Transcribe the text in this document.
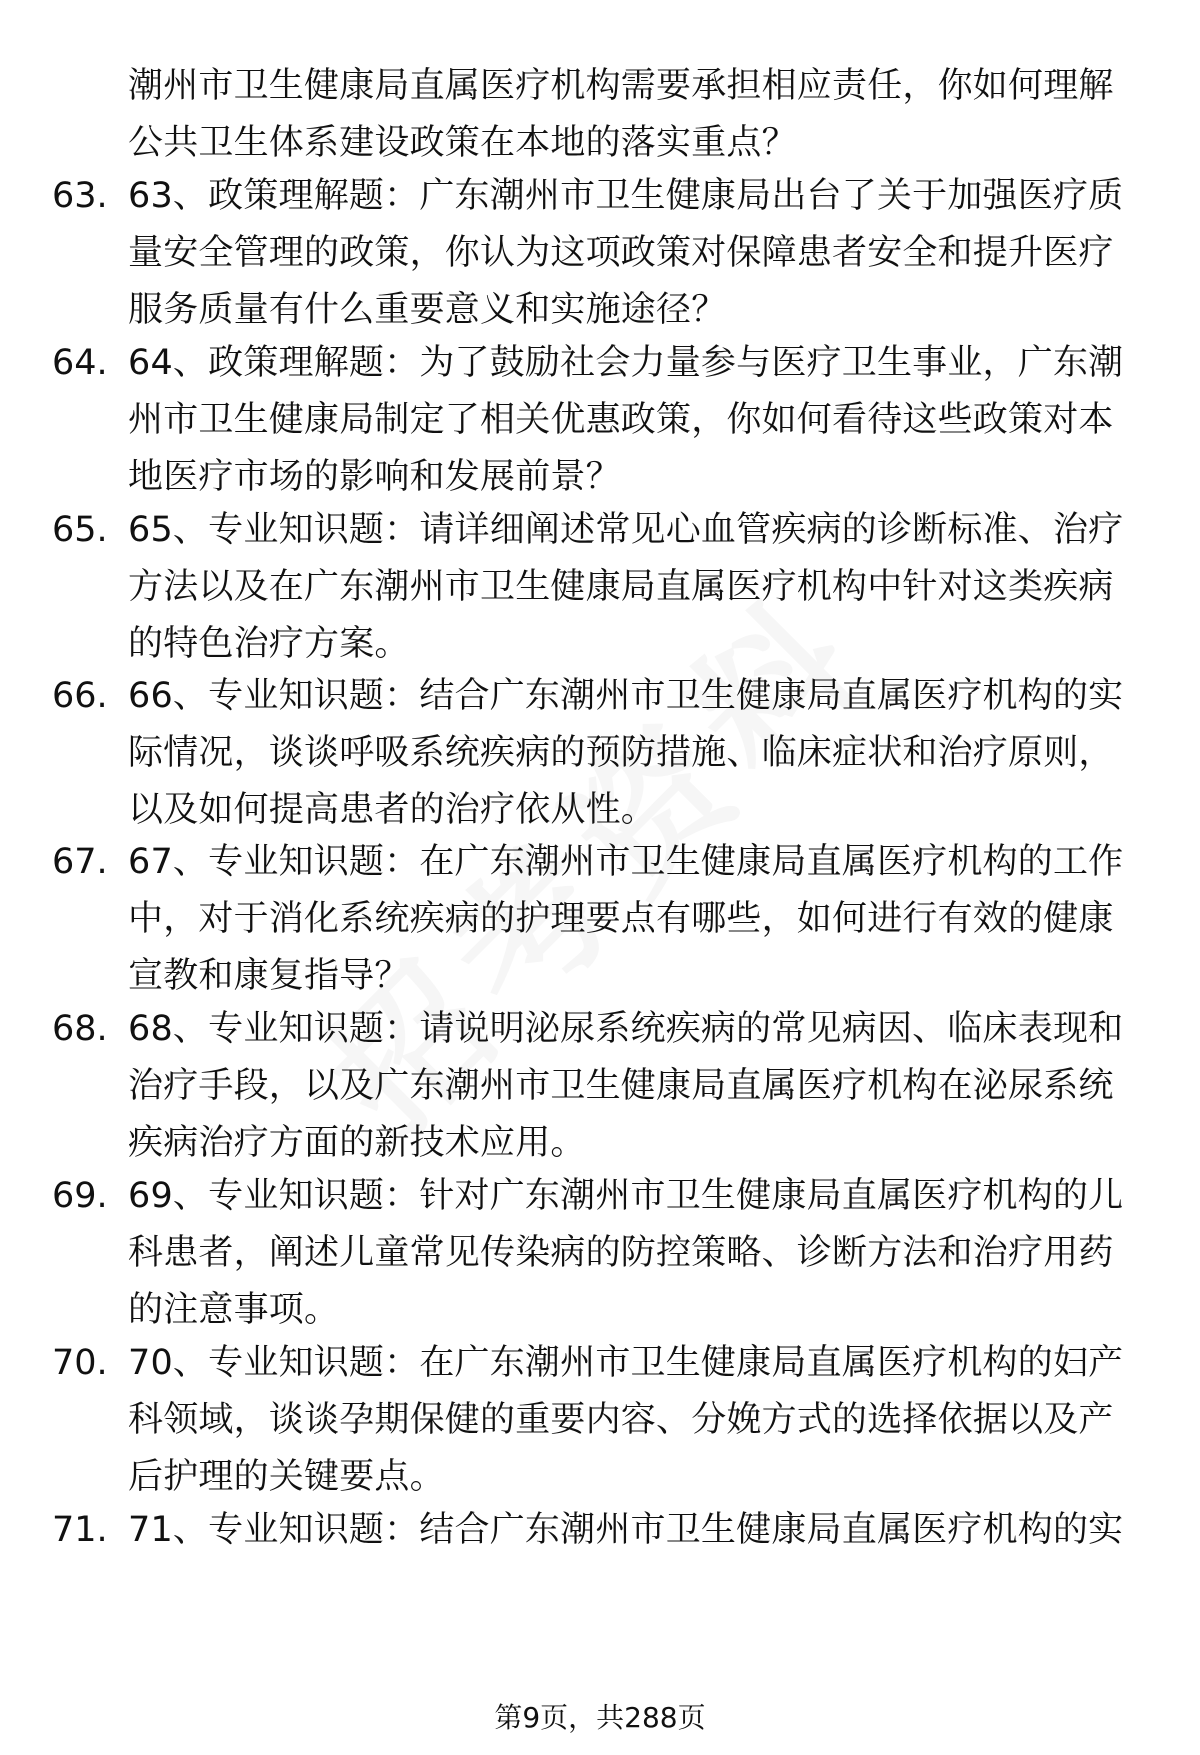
潮州市卫生健康局直属医疗机构需要承担相应责任，你如何理解公共卫生体系建设政策在本地的落实重点？
63. 63、政策理解题：广东潮州市卫生健康局出台了关于加强医疗质量安全管理的政策，你认为这项政策对保障患者安全和提升医疗服务质量有什么重要意义和实施途径？
64. 64、政策理解题：为了鼓励社会力量参与医疗卫生事业，广东潮州市卫生健康局制定了相关优惠政策，你如何看待这些政策对本地医疗市场的影响和发展前景？
65. 65、专业知识题：请详细阐述常见心血管疾病的诊断标准、治疗方法以及在广东潮州市卫生健康局直属医疗机构中针对这类疾病的特色治疗方案。
66. 66、专业知识题：结合广东潮州市卫生健康局直属医疗机构的实际情况，谈谈呼吸系统疾病的预防措施、临床症状和治疗原则，以及如何提高患者的治疗依从性。
67. 67、专业知识题：在广东潮州市卫生健康局直属医疗机构的工作中，对于消化系统疾病的护理要点有哪些，如何进行有效的健康宣教和康复指导？
68. 68、专业知识题：请说明泌尿系统疾病的常见病因、临床表现和治疗手段，以及广东潮州市卫生健康局直属医疗机构在泌尿系统疾病治疗方面的新技术应用。
69. 69、专业知识题：针对广东潮州市卫生健康局直属医疗机构的儿科患者，阐述儿童常见传染病的防控策略、诊断方法和治疗用药的注意事项。
70. 70、专业知识题：在广东潮州市卫生健康局直属医疗机构的妇产科领域，谈谈孕期保健的重要内容、分娩方式的选择依据以及产后护理的关键要点。
71. 71、专业知识题：结合广东潮州市卫生健康局直属医疗机构的实
第9页，共288页
